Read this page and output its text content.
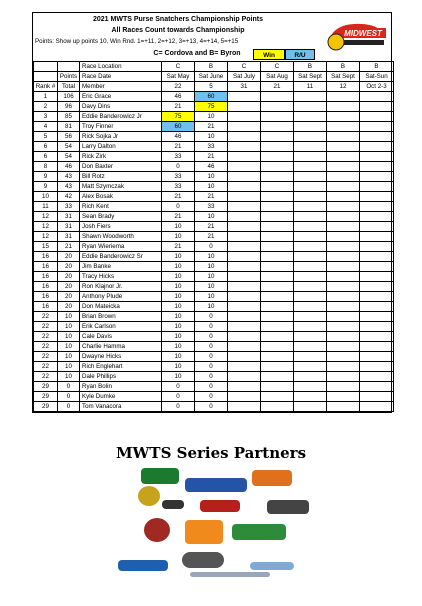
2021 MWTS Purse Snatchers Championship Points
All Races Count towards Championship
Points: Show up points 10, Win Rnd. 1=+11, 2=+12, 3=+13, 4=+14, 5=+15
C= Cordova and B= Byron	Win	R/U
MIDWEST
		Race Location	C	B	C	C	B	B	B
	Points	Race Date	Sat May	Sat June	Sat July	Sat Aug	Sat Sept	Sat Sept	Sat-Sun
Rank #	Total	Member	22	5	31	21	11	12	Oct 2-3
1	106	Eric Grace	46	60					
2	96	Davy Dins	21	75					
3	85	Eddie Banderowicz Jr	75	10					
4	81	Troy Finner	60	21					
5	56	Rick Sojka Jr	46	10					
6	54	Larry Dalton	21	33					
6	54	Rick Zirk	33	21					
8	46	Don Baxter	0	46					
9	43	Bill Rotz	33	10					
9	43	Matt Szymczak	33	10					
10	42	Alex Bosak	21	21					
11	33	Rich Kent	0	33					
12	31	Sean Brady	21	10					
12	31	Josh Fiers	10	21					
12	31	Shawn Woodworth	10	21					
15	21	Ryan Wieriema	21	0					
16	20	Eddie Banderowicz Sr	10	10					
16	20	Jim Banke	10	10					
16	20	Tracy Hicks	10	10					
16	20	Ron Klajnor Jr.	10	10					
16	20	Anthony Plude	10	10					
16	20	Don Mateicka	10	10					
22	10	Brian Brown	10	0					
22	10	Erik Carlson	10	0					
22	10	Cale Davis	10	0					
22	10	Charlie Hamma	10	0					
22	10	Dwayne Hicks	10	0					
22	10	Rich Englehart	10	0					
22	10	Dale Phillips	10	0					
29	0	Ryan Bolin	0	0					
29	0	Kyle Dumke	0	0					
29	0	Tom Vanacora	0	0					
MWTS Series Partners
